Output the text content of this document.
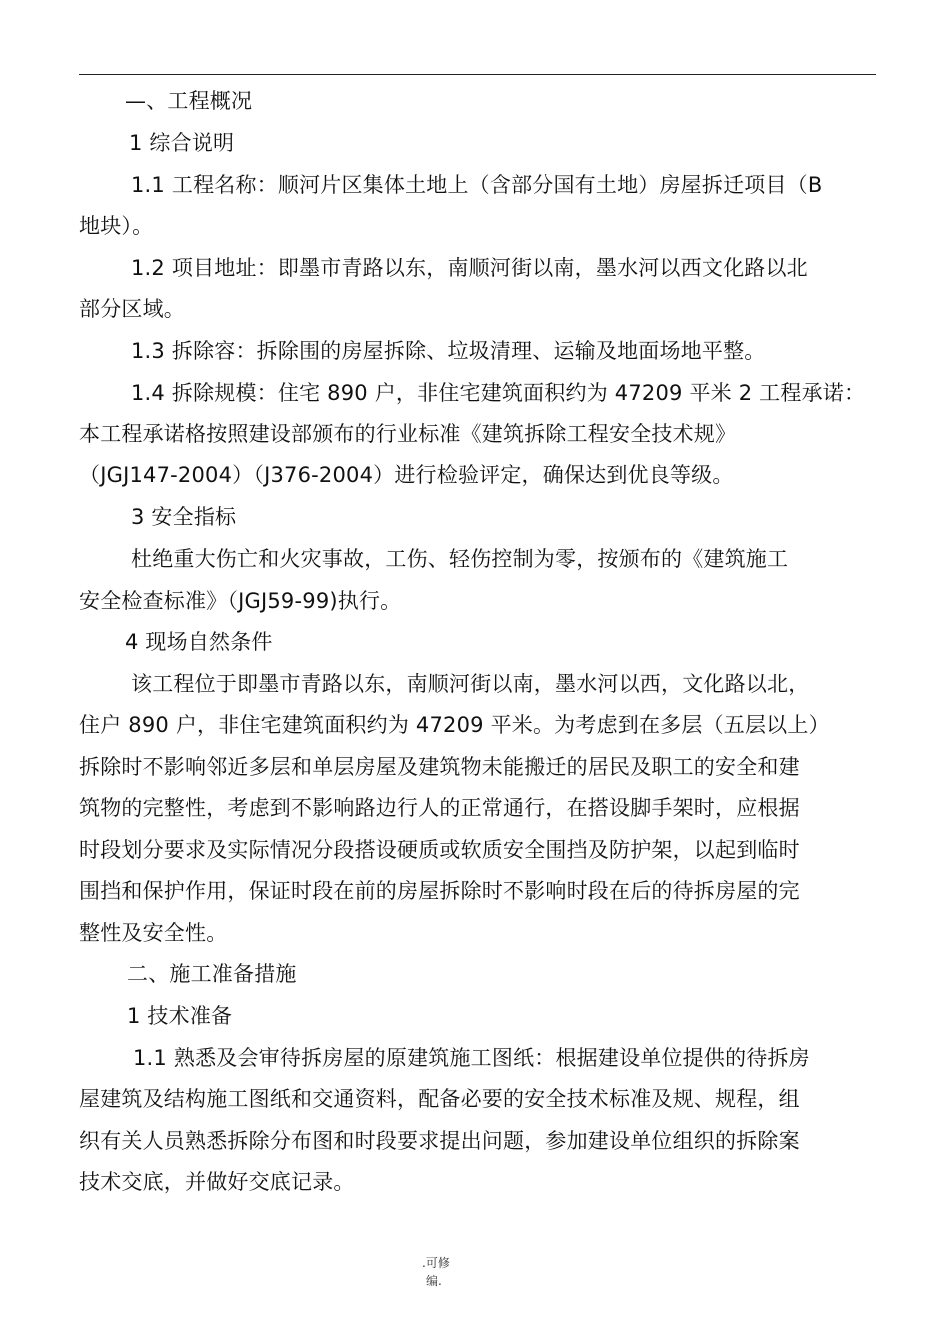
—、工程概况

1 综合说明

1.1 工程名称：顺河片区集体土地上（含部分国有土地）房屋拆迁项目（B

地块）。

1.2 项目地址：即墨市青路以东，南顺河街以南，墨水河以西文化路以北

部分区域。

1.3 拆除容：拆除围的房屋拆除、垃圾清理、运输及地面场地平整。

1.4 拆除规模：住宅 890 户，非住宅建筑面积约为 47209 平米 2 工程承诺：

本工程承诺格按照建设部颁布的行业标准《建筑拆除工程安全技术规》

（JGJ147-2004）（J376-2004）进行检验评定，确保达到优良等级。

3 安全指标

杜绝重大伤亡和火灾事故，工伤、轻伤控制为零，按颁布的《建筑施工

安全检查标准》（JGJ59-99)执行。

4 现场自然条件

该工程位于即墨市青路以东，南顺河街以南，墨水河以西，文化路以北，

住户 890 户，非住宅建筑面积约为 47209 平米。为考虑到在多层（五层以上）

拆除时不影响邻近多层和单层房屋及建筑物未能搬迁的居民及职工的安全和建

筑物的完整性，考虑到不影响路边行人的正常通行，在搭设脚手架时，应根据

时段划分要求及实际情况分段搭设硬质或软质安全围挡及防护架，以起到临时

围挡和保护作用，保证时段在前的房屋拆除时不影响时段在后的待拆房屋的完

整性及安全性。

二、施工准备措施

1 技术准备

1.1 熟悉及会审待拆房屋的原建筑施工图纸：根据建设单位提供的待拆房

屋建筑及结构施工图纸和交通资料，配备必要的安全技术标准及规、规程，组

织有关人员熟悉拆除分布图和时段要求提出问题，参加建设单位组织的拆除案

技术交底，并做好交底记录。

.可修
编.
